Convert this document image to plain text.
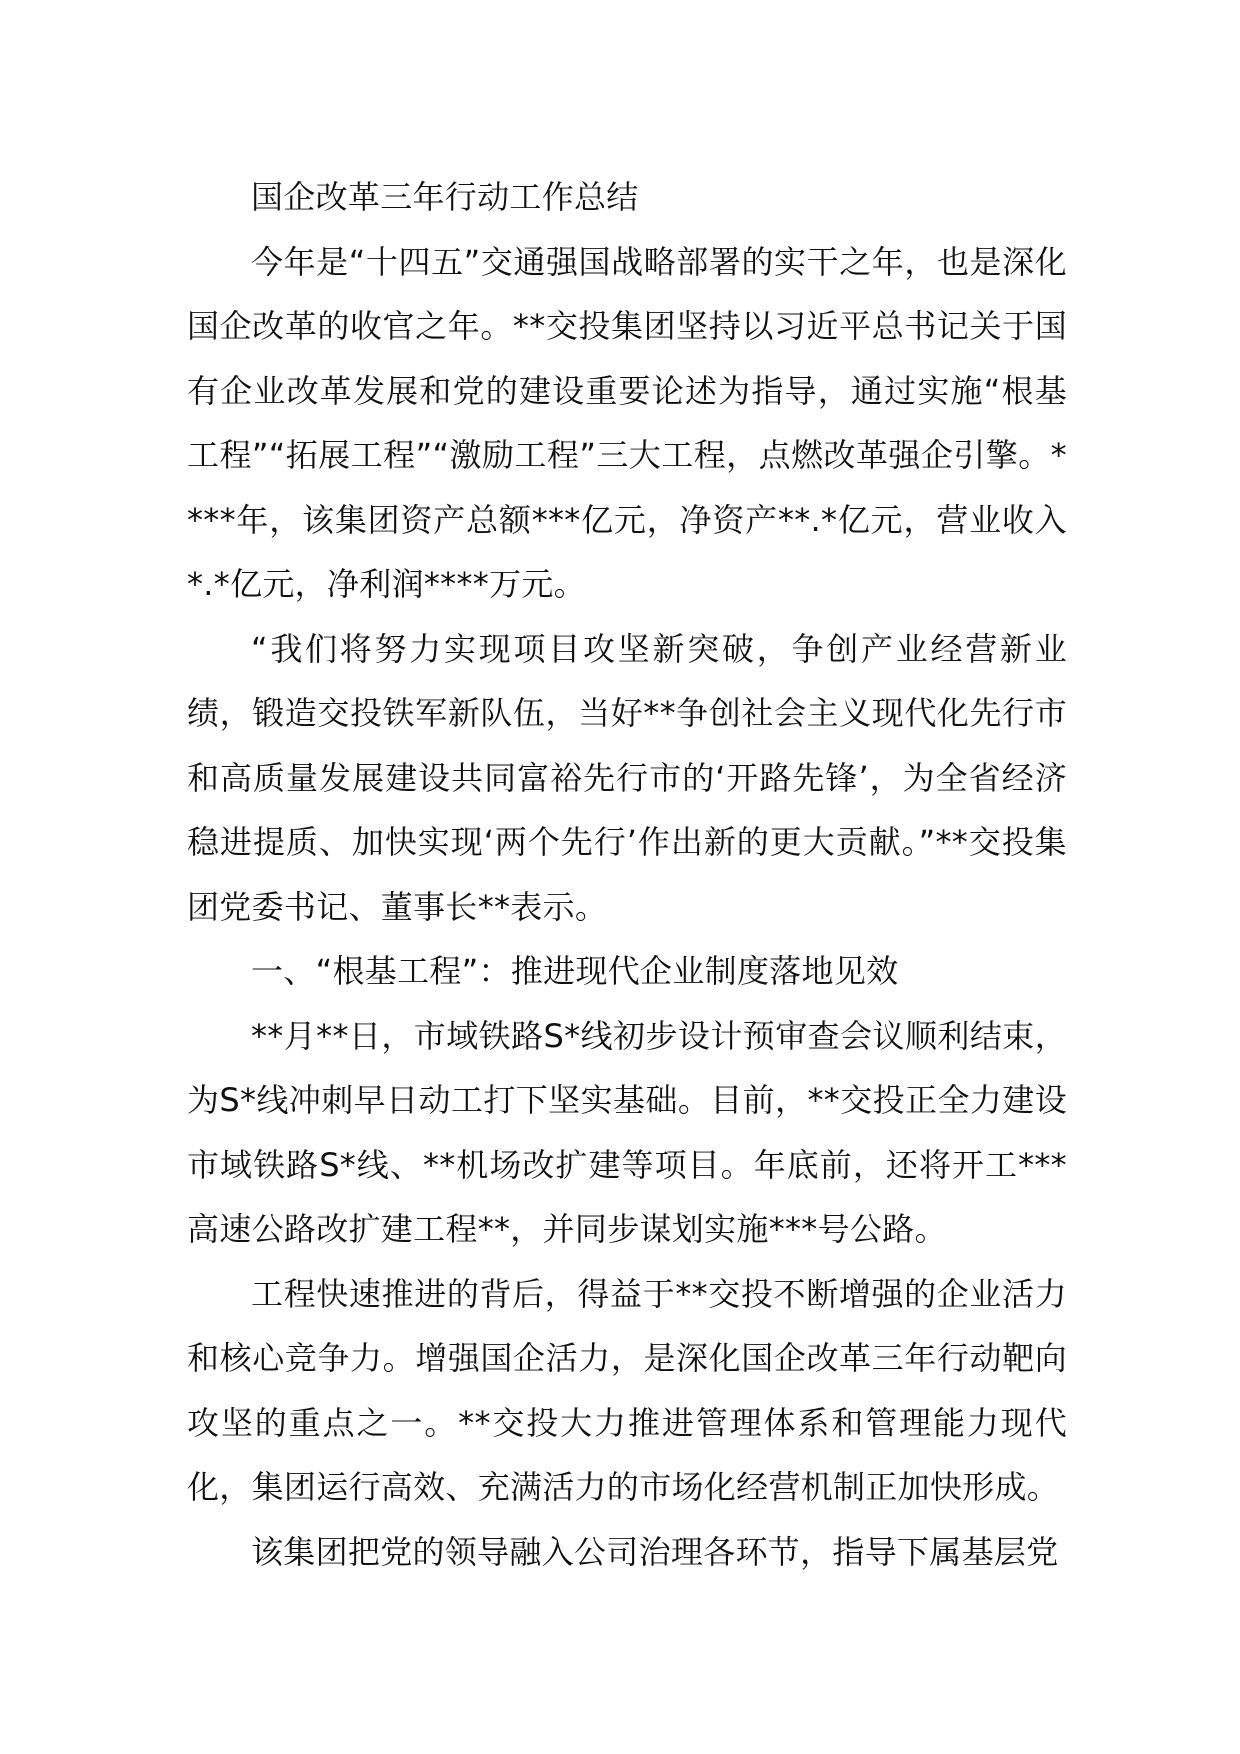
国企改革三年行动工作总结

今年是“十四五”交通强国战略部署的实干之年，也是深化国企改革的收官之年。**交投集团坚持以习近平总书记关于国有企业改革发展和党的建设重要论述为指导，通过实施“根基工程”“拓展工程”“激励工程”三大工程，点燃改革强企引擎。****年，该集团资产总额***亿元，净资产**.*亿元，营业收入*.*亿元，净利润****万元。

“我们将努力实现项目攻坚新突破，争创产业经营新业绩，锻造交投铁军新队伍，当好**争创社会主义现代化先行市和高质量发展建设共同富裕先行市的‘开路先锋’，为全省经济稳进提质、加快实现‘两个先行’作出新的更大贡献。”**交投集团党委书记、董事长**表示。

一、“根基工程”：推进现代企业制度落地见效

**月**日，市域铁路S*线初步设计预审查会议顺利结束，为S*线冲刺早日动工打下坚实基础。目前，**交投正全力建设市域铁路S*线、**机场改扩建等项目。年底前，还将开工***高速公路改扩建工程**，并同步谋划实施***号公路。

工程快速推进的背后，得益于**交投不断增强的企业活力和核心竞争力。增强国企活力，是深化国企改革三年行动靶向攻坚的重点之一。**交投大力推进管理体系和管理能力现代化，集团运行高效、充满活力的市场化经营机制正加快形成。

该集团把党的领导融入公司治理各环节，指导下属基层党
